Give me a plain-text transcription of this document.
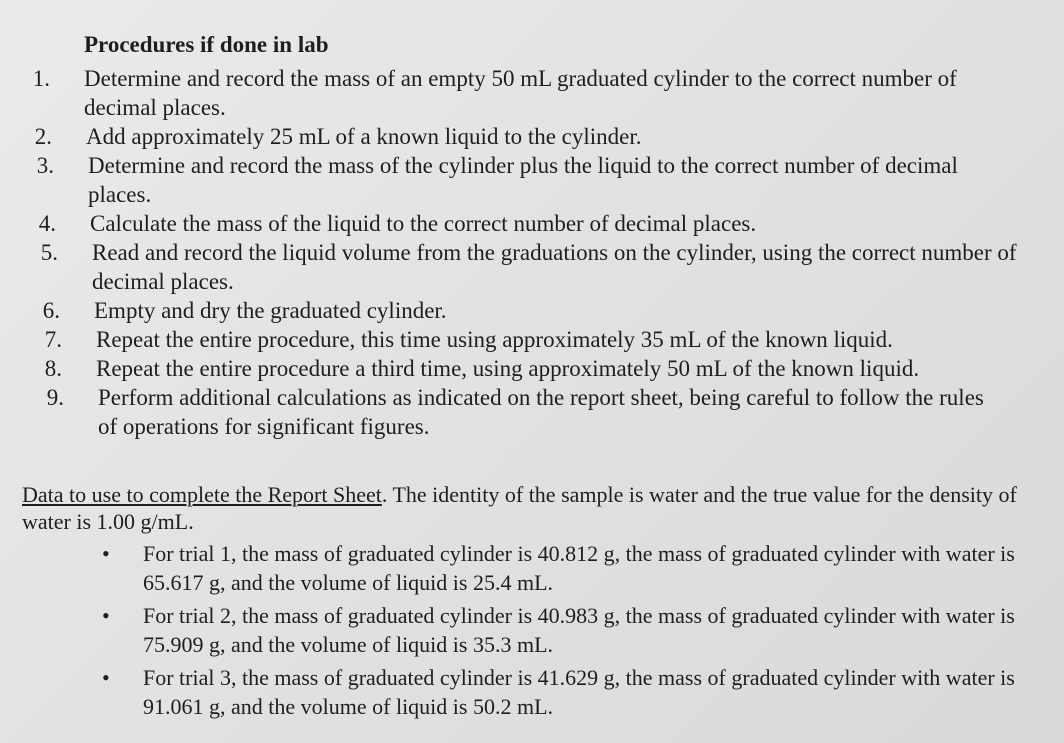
Procedures if done in lab
1. Determine and record the mass of an empty 50 mL graduated cylinder to the correct number of decimal places.
2. Add approximately 25 mL of a known liquid to the cylinder.
3. Determine and record the mass of the cylinder plus the liquid to the correct number of decimal places.
4. Calculate the mass of the liquid to the correct number of decimal places.
5. Read and record the liquid volume from the graduations on the cylinder, using the correct number of decimal places.
6. Empty and dry the graduated cylinder.
7. Repeat the entire procedure, this time using approximately 35 mL of the known liquid.
8. Repeat the entire procedure a third time, using approximately 50 mL of the known liquid.
9. Perform additional calculations as indicated on the report sheet, being careful to follow the rules of operations for significant figures.

Data to use to complete the Report Sheet. The identity of the sample is water and the true value for the density of water is 1.00 g/mL.

• For trial 1, the mass of graduated cylinder is 40.812 g, the mass of graduated cylinder with water is 65.617 g, and the volume of liquid is 25.4 mL.
• For trial 2, the mass of graduated cylinder is 40.983 g, the mass of graduated cylinder with water is 75.909 g, and the volume of liquid is 35.3 mL.
• For trial 3, the mass of graduated cylinder is 41.629 g, the mass of graduated cylinder with water is 91.061 g, and the volume of liquid is 50.2 mL.
